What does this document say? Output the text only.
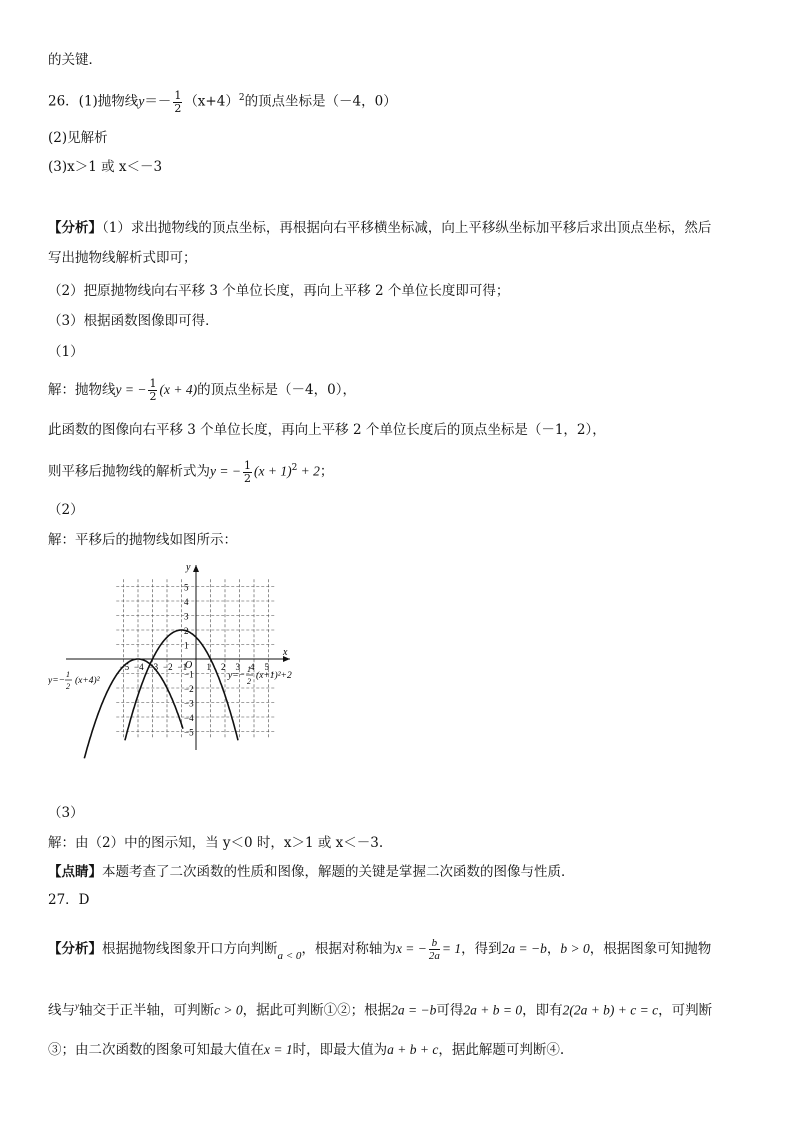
的关键．
26．(1)抛物线$y=- \frac{1}{2} (x+4)^2$的顶点坐标是（－4，0）
(2)见解析
(3)x＞1 或 x＜－3
【分析】（1）求出抛物线的顶点坐标，再根据向右平移横坐标减，向上平移纵坐标加平移后求出顶点坐标，然后
写出抛物线解析式即可；
（2）把原抛物线向右平移 3 个单位长度，再向上平移 2 个单位长度即可得；
（3）根据函数图像即可得．
（1）
解：抛物线y = − $\frac{1}{2} (x + 4)$的顶点坐标是（－4，0），
此函数的图像向右平移 3 个单位长度，再向上平移 2 个单位长度后的顶点坐标是（－1，2），
则平移后抛物线的解析式为y = − $\frac{1}{2} (x + 1)^2 + 2$；
（2）
解：平移后的抛物线如图所示：
x
y
O
−5 −4 −3 −2 −1 1 2 3 4 5
5
4
3
2
1
−1
−2
−3
−4
−5
y=−
1
2
(x+4)²	y=−
1
2
(x+1)²+2
（3）
解：由（2）中的图示知，当 y＜0 时，x＞1 或 x＜－3.
【点睛】本题考查了二次函数的性质和图像，解题的关键是掌握二次函数的图像与性质．
27．D
【分析】根据抛物线图象开口方向判断$_{a < 0}$，根据对称轴为x = − $\frac{b}{2a} = 1$，得到2a = −b，b > 0，根据图象可知抛物
线与$^y$轴交于正半轴，可判断c > 0，据此可判断①②；根据2a = −b可得2a + b = 0，即有2(2a + b) + c = c，可判断
③；由二次函数的图象可知最大值在x = 1时，即最大值为a + b + c，据此解题可判断④.
